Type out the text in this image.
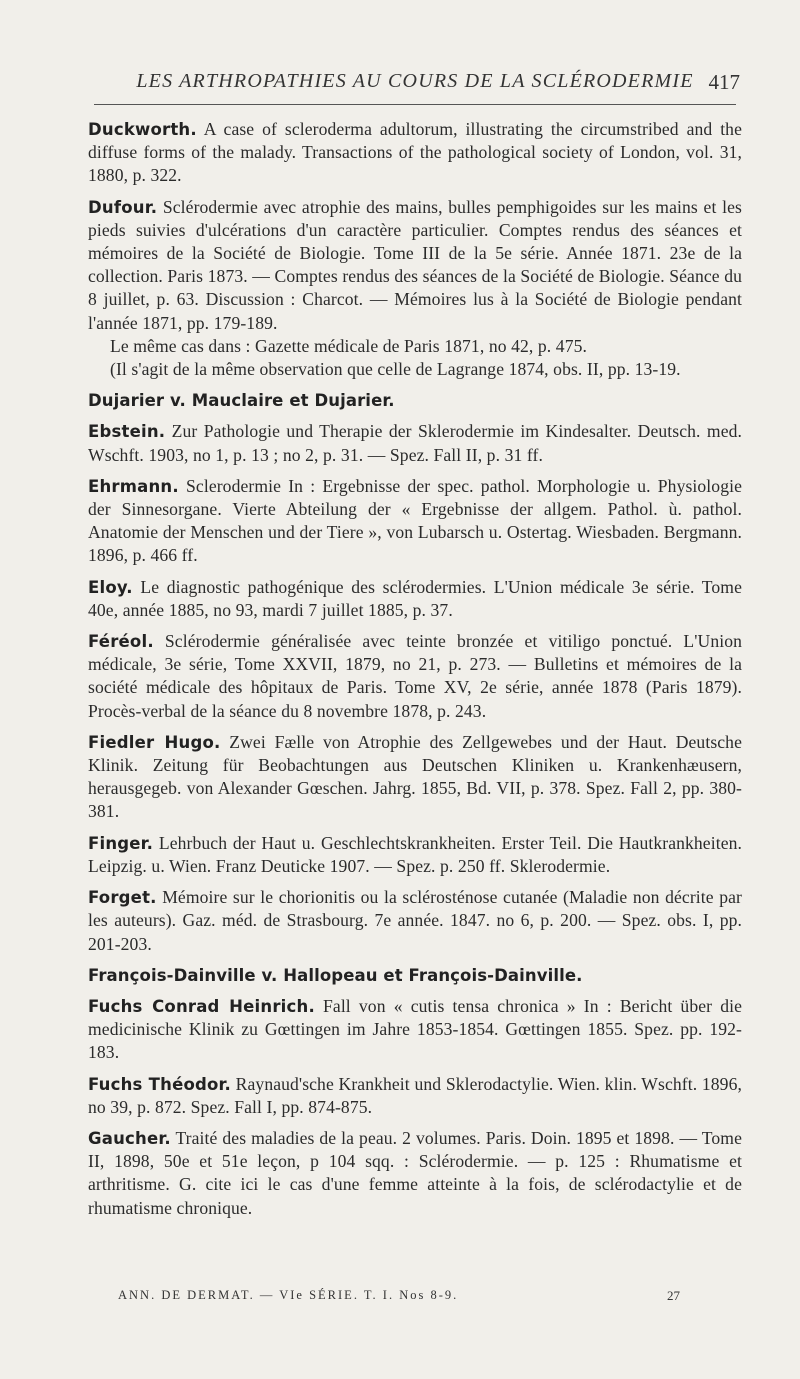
LES ARTHROPATHIES AU COURS DE LA SCLÉRODERMIE 417

Duckworth. A case of scleroderma adultorum, illustrating the circumstribed and the diffuse forms of the malady. Transactions of the pathological society of London, vol. 31, 1880, p. 322.

Dufour. Sclérodermie avec atrophie des mains, bulles pemphigoides sur les mains et les pieds suivies d'ulcérations d'un caractère particulier. Comptes rendus des séances et mémoires de la Société de Biologie. Tome III de la 5e série. Année 1871. 23e de la collection. Paris 1873. — Comptes rendus des séances de la Société de Biologie. Séance du 8 juillet, p. 63. Discussion : Charcot. — Mémoires lus à la Société de Biologie pendant l'année 1871, pp. 179-189.

Le même cas dans : Gazette médicale de Paris 1871, no 42, p. 475.

(Il s'agit de la même observation que celle de Lagrange 1874, obs. II, pp. 13-19.

Dujarier v. Mauclaire et Dujarier.

Ebstein. Zur Pathologie und Therapie der Sklerodermie im Kindesalter. Deutsch. med. Wschft. 1903, no 1, p. 13 ; no 2, p. 31. — Spez. Fall II, p. 31 ff.

Ehrmann. Sclerodermie In : Ergebnisse der spec. pathol. Morphologie u. Physiologie der Sinnesorgane. Vierte Abteilung der « Ergebnisse der allgem. Pathol. ù. pathol. Anatomie der Menschen und der Tiere », von Lubarsch u. Ostertag. Wiesbaden. Bergmann. 1896, p. 466 ff.

Eloy. Le diagnostic pathogénique des sclérodermies. L'Union médicale 3e série. Tome 40e, année 1885, no 93, mardi 7 juillet 1885, p. 37.

Féréol. Sclérodermie généralisée avec teinte bronzée et vitiligo ponctué. L'Union médicale, 3e série, Tome XXVII, 1879, no 21, p. 273. — Bulletins et mémoires de la société médicale des hôpitaux de Paris. Tome XV, 2e série, année 1878 (Paris 1879). Procès-verbal de la séance du 8 novembre 1878, p. 243.

Fiedler Hugo. Zwei Fælle von Atrophie des Zellgewebes und der Haut. Deutsche Klinik. Zeitung für Beobachtungen aus Deutschen Kliniken u. Krankenhæusern, herausgegeb. von Alexander Gœschen. Jahrg. 1855, Bd. VII, p. 378. Spez. Fall 2, pp. 380-381.

Finger. Lehrbuch der Haut u. Geschlechtskrankheiten. Erster Teil. Die Hautkrankheiten. Leipzig. u. Wien. Franz Deuticke 1907. — Spez. p. 250 ff. Sklerodermie.

Forget. Mémoire sur le chorionitis ou la sclérosténose cutanée (Maladie non décrite par les auteurs). Gaz. méd. de Strasbourg. 7e année. 1847. no 6, p. 200. — Spez. obs. I, pp. 201-203.

François-Dainville v. Hallopeau et François-Dainville.

Fuchs Conrad Heinrich. Fall von « cutis tensa chronica » In : Bericht über die medicinische Klinik zu Gœttingen im Jahre 1853-1854. Gœttingen 1855. Spez. pp. 192-183.

Fuchs Théodor. Raynaud'sche Krankheit und Sklerodactylie. Wien. klin. Wschft. 1896, no 39, p. 872. Spez. Fall I, pp. 874-875.

Gaucher. Traité des maladies de la peau. 2 volumes. Paris. Doin. 1895 et 1898. — Tome II, 1898, 50e et 51e leçon, p 104 sqq. : Sclérodermie. — p. 125 : Rhumatisme et arthritisme. G. cite ici le cas d'une femme atteinte à la fois, de sclérodactylie et de rhumatisme chronique.

ANN. DE DERMAT. — VIe SÉRIE. T. I. Nos 8-9.	27
